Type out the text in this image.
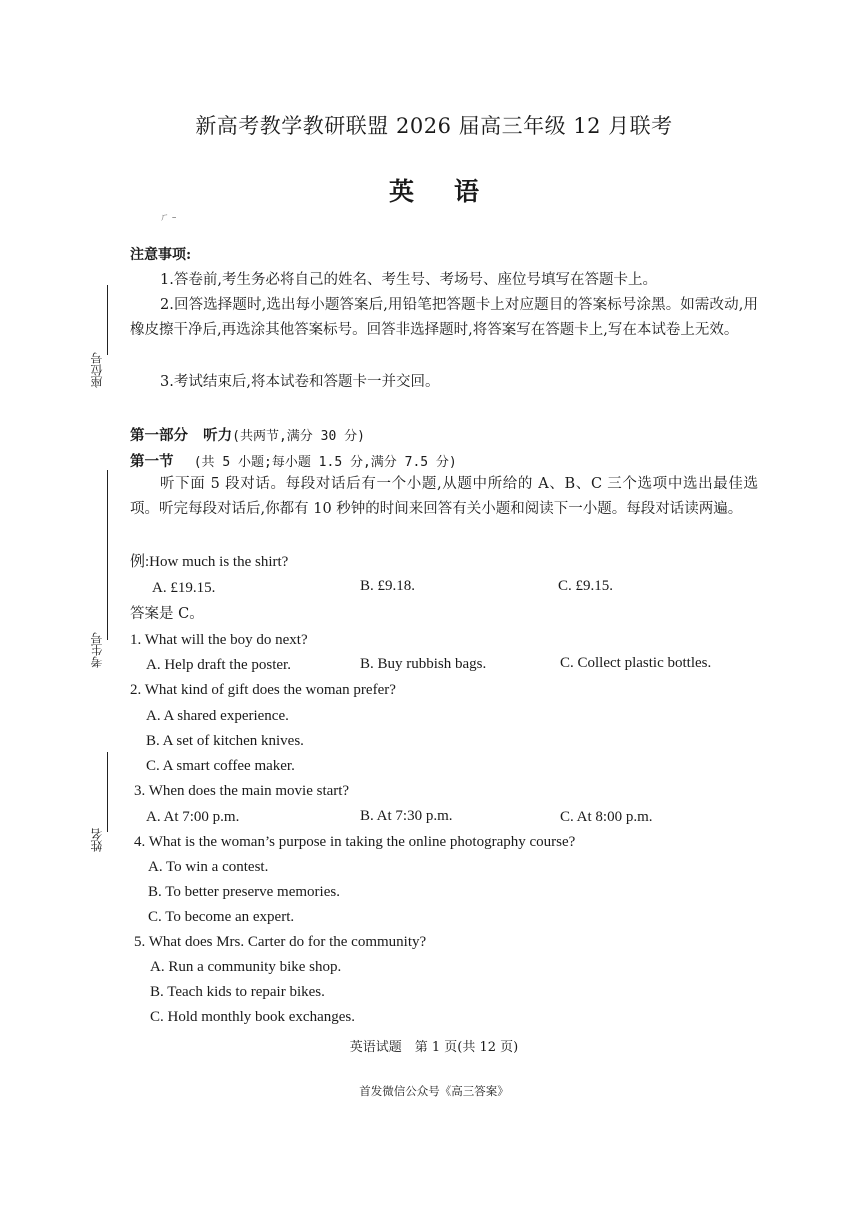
座位号
考生号
姓名
新高考教学教研联盟 2026 届高三年级 12 月联考
英语
ㄏ –
注意事项:
1.答卷前,考生务必将自己的姓名、考生号、考场号、座位号填写在答题卡上。
2.回答选择题时,选出每小题答案后,用铅笔把答题卡上对应题目的答案标号涂黑。如需改动,用橡皮擦干净后,再选涂其他答案标号。回答非选择题时,将答案写在答题卡上,写在本试卷上无效。
3.考试结束后,将本试卷和答题卡一并交回。
第一部分 听力(共两节,满分 30 分)
第一节 (共 5 小题;每小题 1.5 分,满分 7.5 分)
听下面 5 段对话。每段对话后有一个小题,从题中所给的 A、B、C 三个选项中选出最佳选项。听完每段对话后,你都有 10 秒钟的时间来回答有关小题和阅读下一小题。每段对话读两遍。
例:How much is the shirt?
A. £19.15.	B. £9.18.	C. £9.15.
答案是 C。
1. What will the boy do next?
A. Help draft the poster.	B. Buy rubbish bags.	C. Collect plastic bottles.
2. What kind of gift does the woman prefer?
A. A shared experience.
B. A set of kitchen knives.
C. A smart coffee maker.
3. When does the main movie start?
A. At 7:00 p.m.	B. At 7:30 p.m.	C. At 8:00 p.m.
4. What is the woman’s purpose in taking the online photography course?
A. To win a contest.
B. To better preserve memories.
C. To become an expert.
5. What does Mrs. Carter do for the community?
A. Run a community bike shop.
B. Teach kids to repair bikes.
C. Hold monthly book exchanges.
英语试题　第 1 页(共 12 页)
首发微信公众号《高三答案》
